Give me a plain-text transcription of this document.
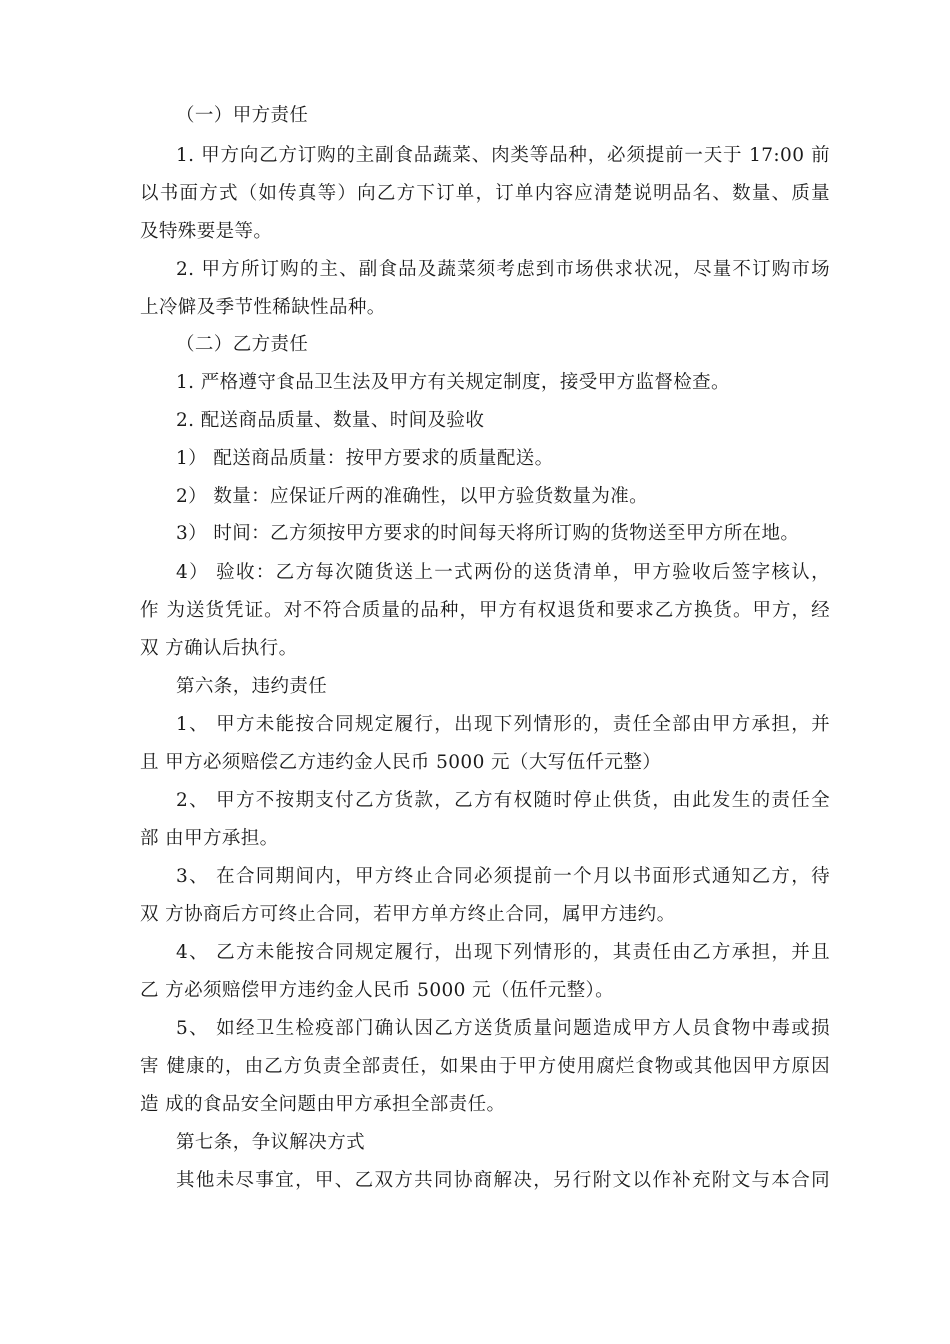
（一）甲方责任
1. 甲方向乙方订购的主副食品蔬菜、肉类等品种，必须提前一天于 17:00 前
以书面方式（如传真等）向乙方下订单，订单内容应清楚说明品名、数量、质量
及特殊要是等。
2. 甲方所订购的主、副食品及蔬菜须考虑到市场供求状况，尽量不订购市场
上冷僻及季节性稀缺性品种。
（二）乙方责任
1. 严格遵守食品卫生法及甲方有关规定制度，接受甲方监督检查。
2. 配送商品质量、数量、时间及验收
1） 配送商品质量：按甲方要求的质量配送。
2） 数量：应保证斤两的准确性，以甲方验货数量为准。
3） 时间：乙方须按甲方要求的时间每天将所订购的货物送至甲方所在地。
4） 验收：乙方每次随货送上一式两份的送货清单，甲方验收后签字核认，
作 为送货凭证。对不符合质量的品种，甲方有权退货和要求乙方换货。甲方，经
双 方确认后执行。
第六条，违约责任
1、 甲方未能按合同规定履行，出现下列情形的，责任全部由甲方承担，并
且 甲方必须赔偿乙方违约金人民币 5000 元（大写伍仟元整）
2、 甲方不按期支付乙方货款，乙方有权随时停止供货，由此发生的责任全
部 由甲方承担。
3、 在合同期间内，甲方终止合同必须提前一个月以书面形式通知乙方，待
双 方协商后方可终止合同，若甲方单方终止合同，属甲方违约。
4、 乙方未能按合同规定履行，出现下列情形的，其责任由乙方承担，并且
乙 方必须赔偿甲方违约金人民币 5000 元（伍仟元整）。
5、 如经卫生检疫部门确认因乙方送货质量问题造成甲方人员食物中毒或损
害 健康的，由乙方负责全部责任，如果由于甲方使用腐烂食物或其他因甲方原因
造 成的食品安全问题由甲方承担全部责任。
第七条，争议解决方式
其他未尽事宜，甲、乙双方共同协商解决，另行附文以作补充附文与本合同
